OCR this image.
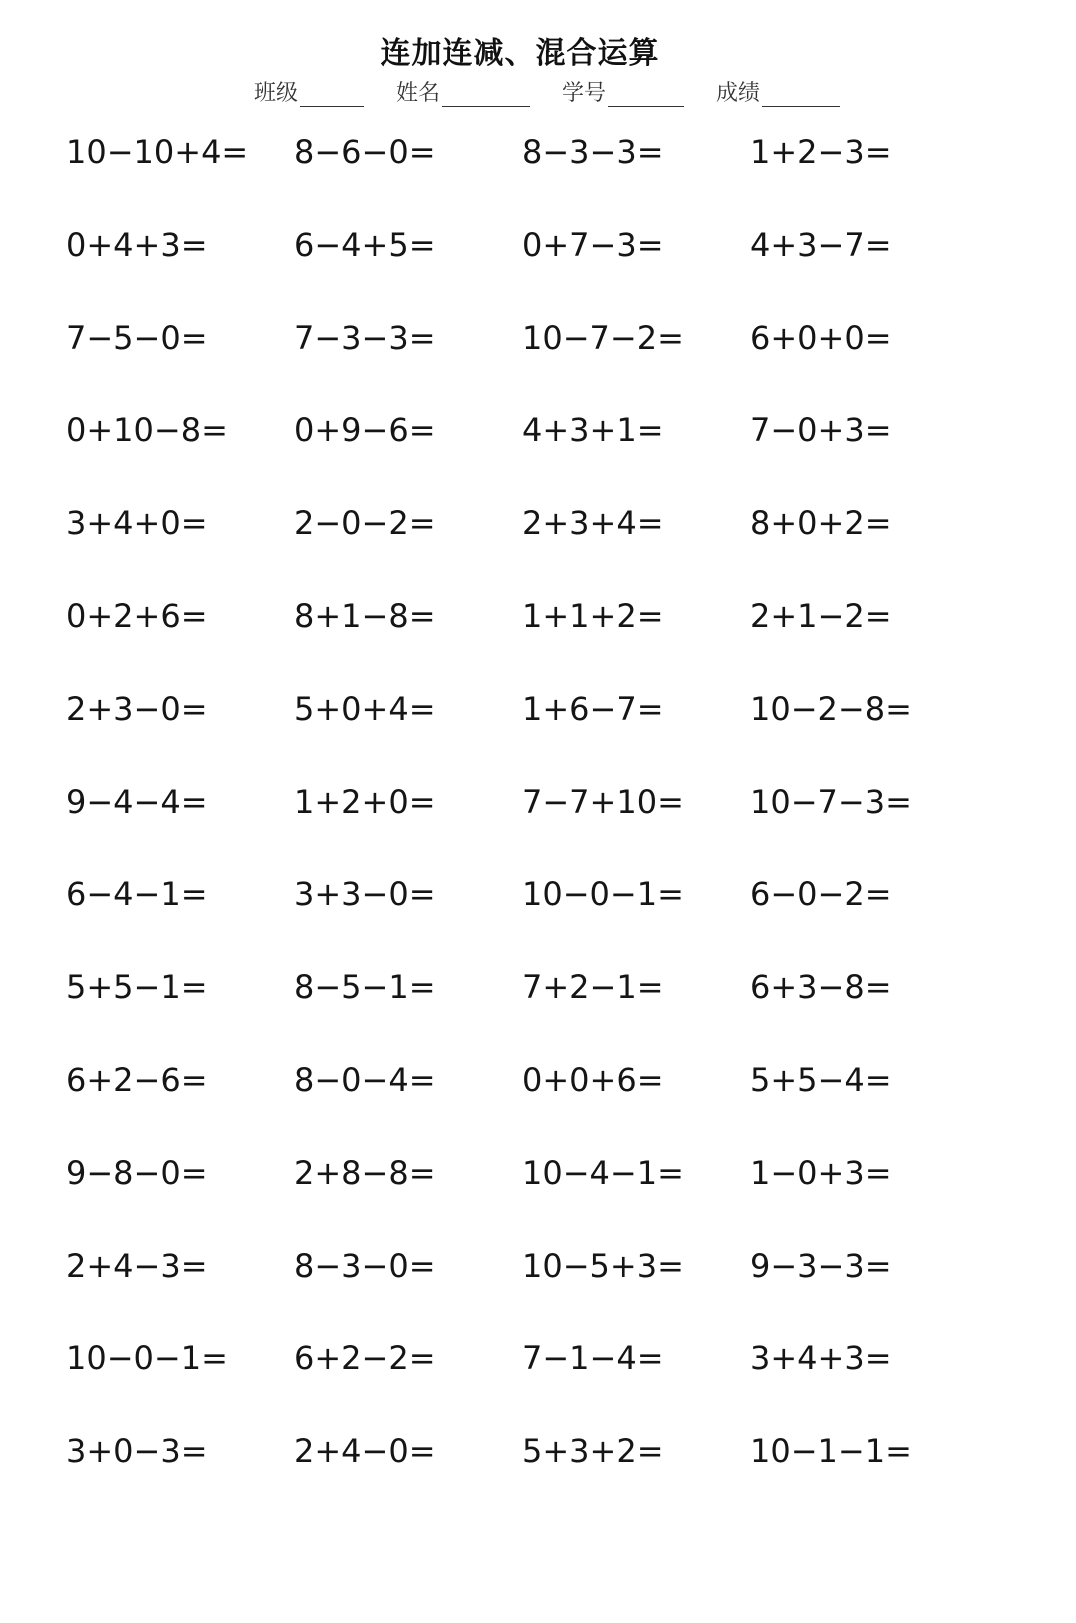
连加连减、混合运算
班级	姓名	学号	成绩
10−10+4=	8−6−0=	8−3−3=	1+2−3=
0+4+3=	6−4+5=	0+7−3=	4+3−7=
7−5−0=	7−3−3=	10−7−2=	6+0+0=
0+10−8=	0+9−6=	4+3+1=	7−0+3=
3+4+0=	2−0−2=	2+3+4=	8+0+2=
0+2+6=	8+1−8=	1+1+2=	2+1−2=
2+3−0=	5+0+4=	1+6−7=	10−2−8=
9−4−4=	1+2+0=	7−7+10=	10−7−3=
6−4−1=	3+3−0=	10−0−1=	6−0−2=
5+5−1=	8−5−1=	7+2−1=	6+3−8=
6+2−6=	8−0−4=	0+0+6=	5+5−4=
9−8−0=	2+8−8=	10−4−1=	1−0+3=
2+4−3=	8−3−0=	10−5+3=	9−3−3=
10−0−1=	6+2−2=	7−1−4=	3+4+3=
3+0−3=	2+4−0=	5+3+2=	10−1−1=
